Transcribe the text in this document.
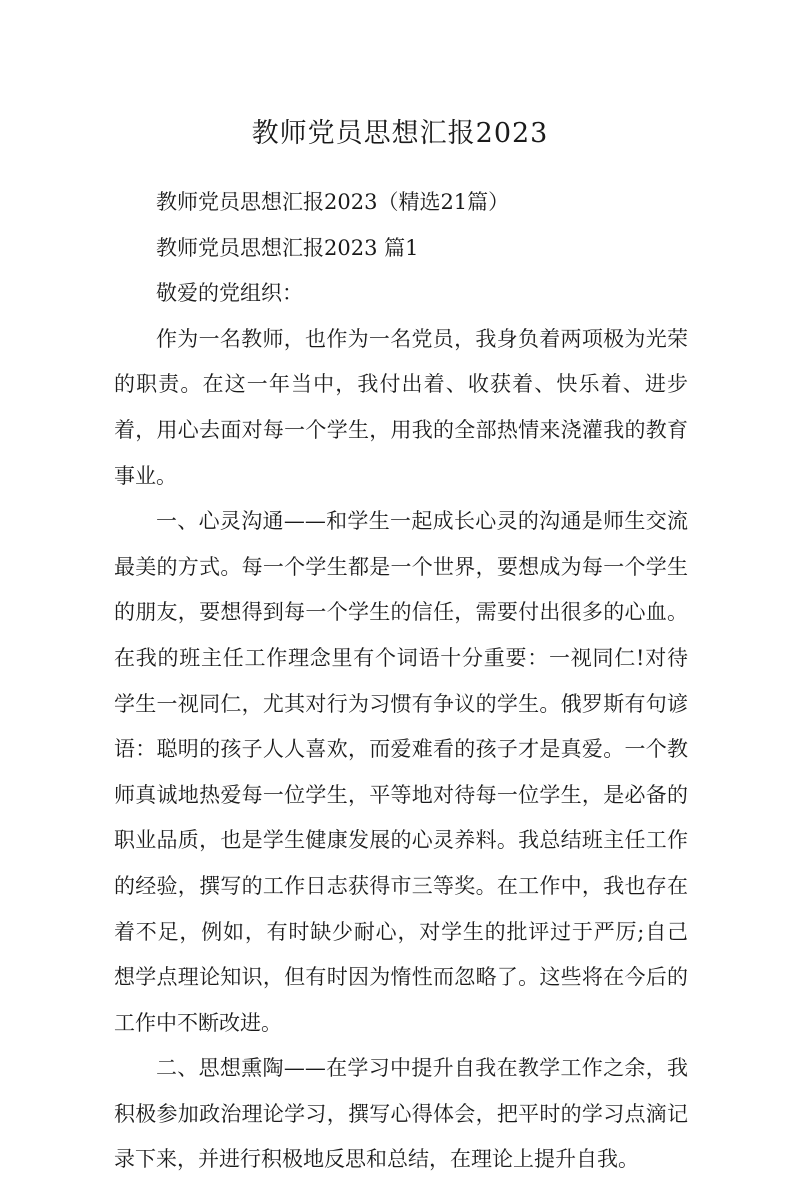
教师党员思想汇报2023

教师党员思想汇报2023（精选21篇）

教师党员思想汇报2023 篇1

敬爱的党组织：

作为一名教师，也作为一名党员，我身负着两项极为光荣的职责。在这一年当中，我付出着、收获着、快乐着、进步着，用心去面对每一个学生，用我的全部热情来浇灌我的教育事业。

一、心灵沟通——和学生一起成长心灵的沟通是师生交流最美的方式。每一个学生都是一个世界，要想成为每一个学生的朋友，要想得到每一个学生的信任，需要付出很多的心血。在我的班主任工作理念里有个词语十分重要：一视同仁!对待学生一视同仁，尤其对行为习惯有争议的学生。俄罗斯有句谚语：聪明的孩子人人喜欢，而爱难看的孩子才是真爱。一个教师真诚地热爱每一位学生，平等地对待每一位学生，是必备的职业品质，也是学生健康发展的心灵养料。我总结班主任工作的经验，撰写的工作日志获得市三等奖。在工作中，我也存在着不足，例如，有时缺少耐心，对学生的批评过于严厉;自己想学点理论知识，但有时因为惰性而忽略了。这些将在今后的工作中不断改进。

二、思想熏陶——在学习中提升自我在教学工作之余，我积极参加政治理论学习，撰写心得体会，把平时的学习点滴记录下来，并进行积极地反思和总结，在理论上提升自我。
